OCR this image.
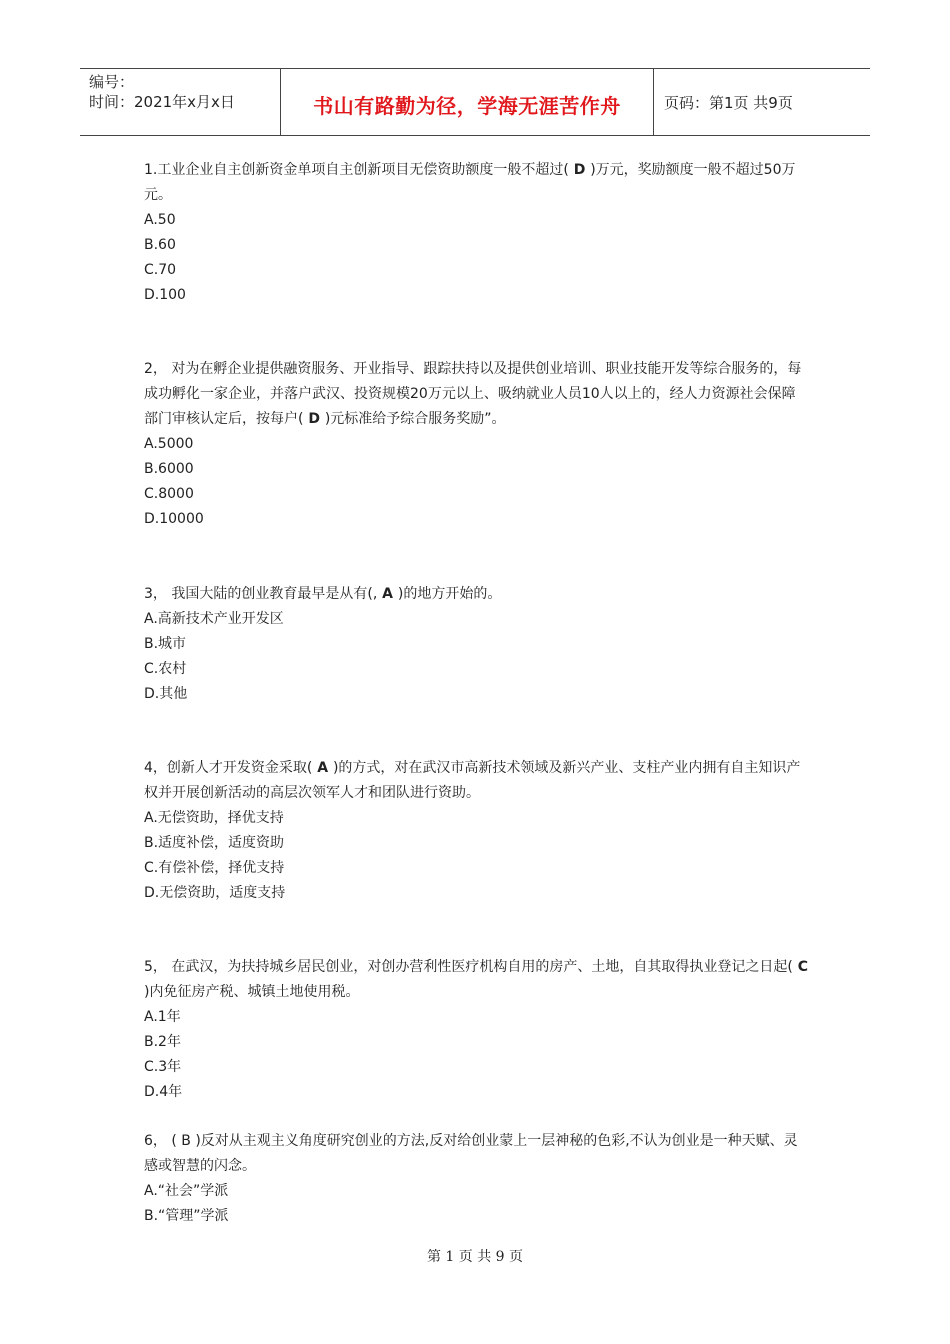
编号：
时间：2021年x月x日	书山有路勤为径，学海无涯苦作舟	页码：第1页 共9页
1.工业企业自主创新资金单项自主创新项目无偿资助额度一般不超过( D )万元，奖励额度一般不超过50万元。
A.50
B.60
C.70
D.100
2， 对为在孵企业提供融资服务、开业指导、跟踪扶持以及提供创业培训、职业技能开发等综合服务的，每成功孵化一家企业，并落户武汉、投资规模20万元以上、吸纳就业人员10人以上的，经人力资源社会保障部门审核认定后，按每户( D )元标准给予综合服务奖励”。
A.5000
B.6000
C.8000
D.10000
3， 我国大陆的创业教育最早是从有(, A )的地方开始的。
A.高新技术产业开发区
B.城市
C.农村
D.其他
4，创新人才开发资金采取( A )的方式，对在武汉市高新技术领域及新兴产业、支柱产业内拥有自主知识产权并开展创新活动的高层次领军人才和团队进行资助。
A.无偿资助，择优支持
B.适度补偿，适度资助
C.有偿补偿，择优支持
D.无偿资助，适度支持
5， 在武汉，为扶持城乡居民创业，对创办营利性医疗机构自用的房产、土地，自其取得执业登记之日起( C )内免征房产税、城镇土地使用税。
A.1年
B.2年
C.3年
D.4年
6， ( B )反对从主观主义角度研究创业的方法,反对给创业蒙上一层神秘的色彩,不认为创业是一种天赋、灵感或智慧的闪念。
A.“社会”学派
B.“管理”学派
第 1 页 共 9 页
